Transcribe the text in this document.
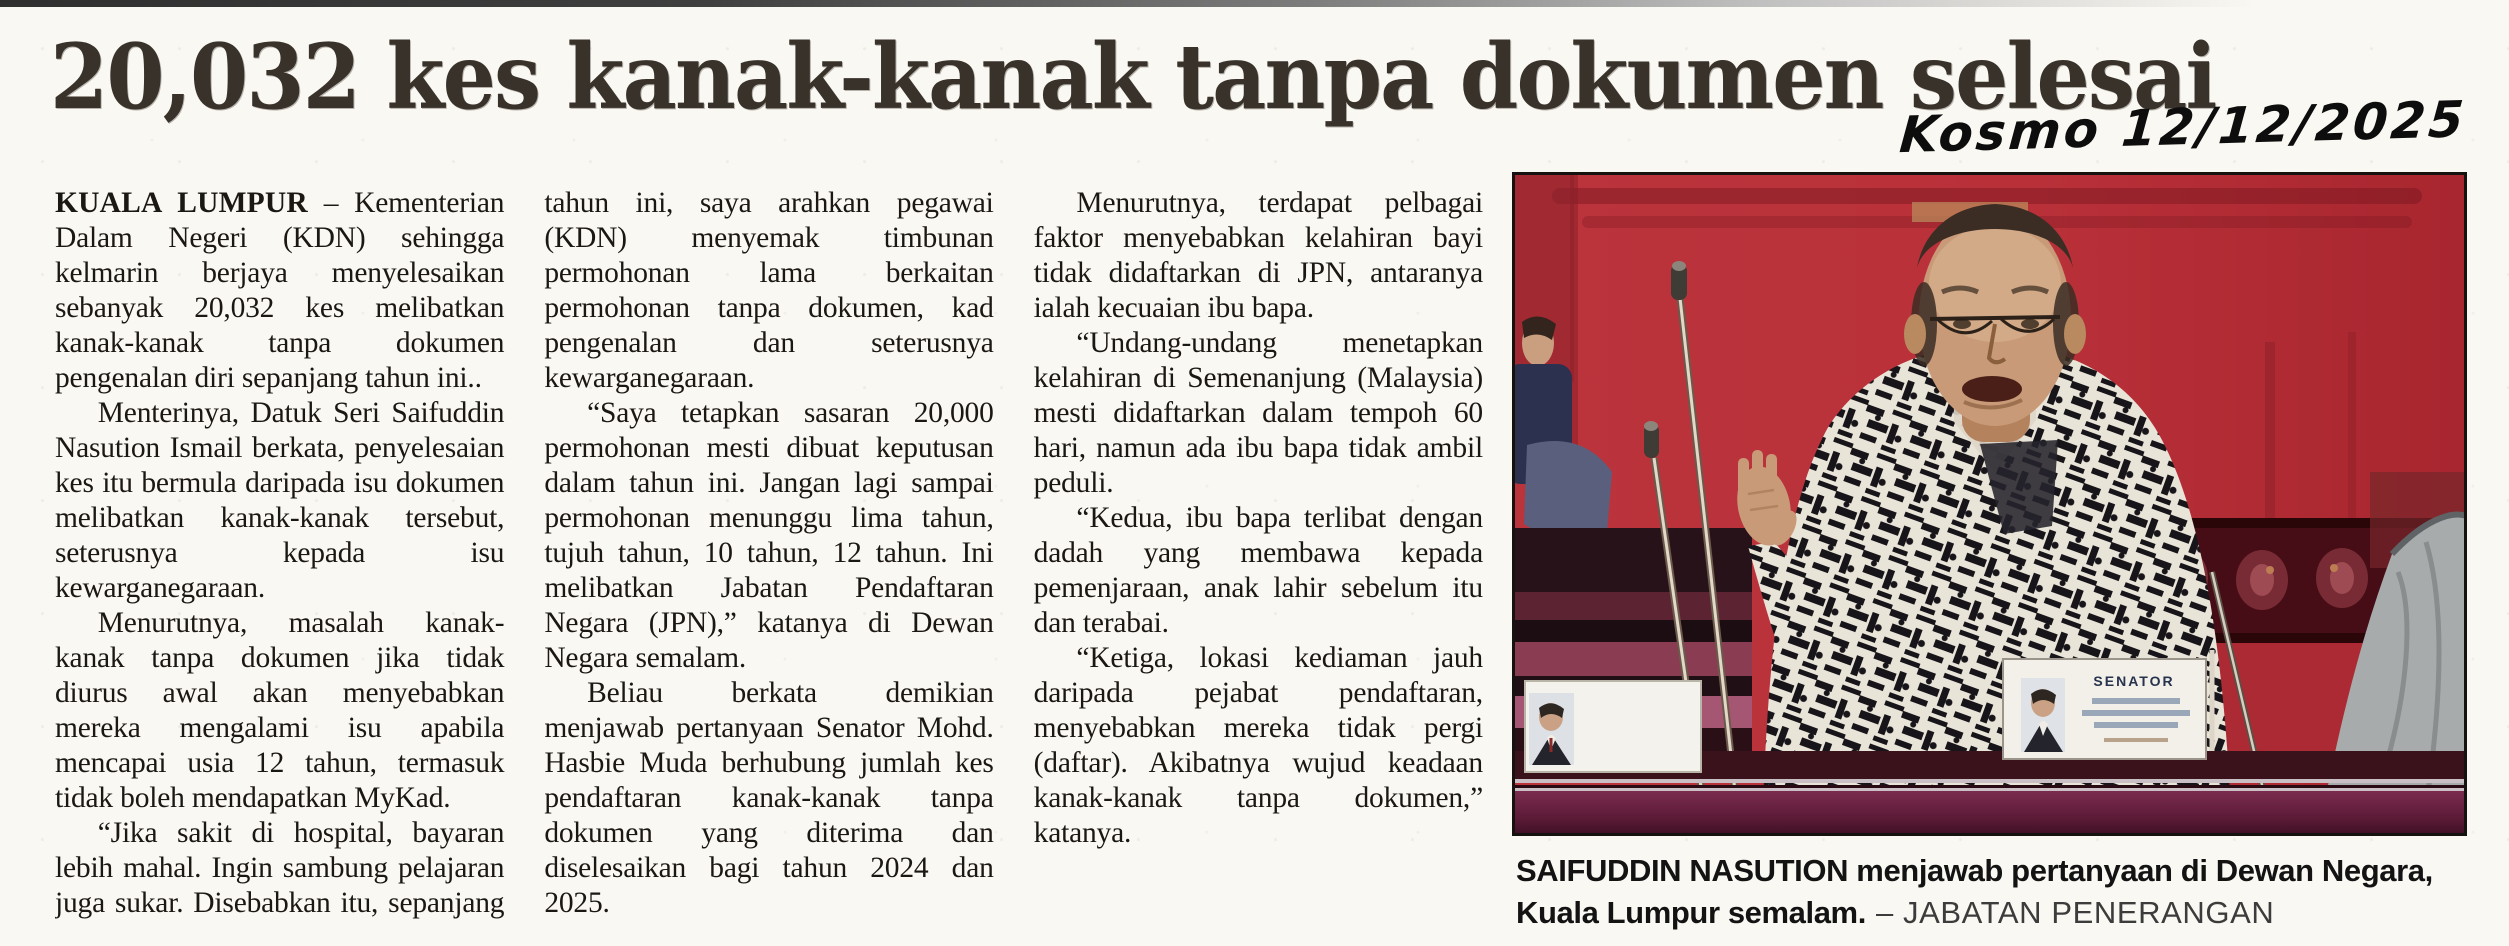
20,032 kes kanak-kanak tanpa dokumen selesai
Kosmo 12/12/2025

KUALA LUMPUR – Kementerian Dalam Negeri (KDN) sehingga kelmarin berjaya menyelesaikan sebanyak 20,032 kes melibatkan kanak-kanak tanpa dokumen pengenalan diri sepanjang tahun ini..

Menterinya, Datuk Seri Saifuddin Nasution Ismail berkata, penyelesaian kes itu bermula daripada isu dokumen melibatkan kanak-kanak tersebut, seterusnya kepada isu kewarganegaraan.

Menurutnya, masalah kanak-kanak tanpa dokumen jika tidak diurus awal akan menyebabkan mereka mengalami isu apabila mencapai usia 12 tahun, termasuk tidak boleh mendapatkan MyKad.

“Jika sakit di hospital, bayaran lebih mahal. Ingin sambung pelajaran juga sukar. Disebabkan itu, sepanjang tahun ini, saya arahkan pegawai (KDN) menyemak timbunan permohonan lama berkaitan permohonan tanpa dokumen, kad pengenalan dan seterusnya kewarganegaraan.

“Saya tetapkan sasaran 20,000 permohonan mesti dibuat keputusan dalam tahun ini. Jangan lagi sampai permohonan menunggu lima tahun, tujuh tahun, 10 tahun, 12 tahun. Ini melibatkan Jabatan Pendaftaran Negara (JPN),” katanya di Dewan Negara semalam.

Beliau berkata demikian menjawab pertanyaan Senator Mohd. Hasbie Muda berhubung jumlah kes pendaftaran kanak-kanak tanpa dokumen yang diterima dan diselesaikan bagi tahun 2024 dan 2025.

Menurutnya, terdapat pelbagai faktor menyebabkan kelahiran bayi tidak didaftarkan di JPN, antaranya ialah kecuaian ibu bapa.

“Undang-undang menetapkan kelahiran di Semenanjung (Malaysia) mesti didaftarkan dalam tempoh 60 hari, namun ada ibu bapa tidak ambil peduli.

“Kedua, ibu bapa terlibat dengan dadah yang membawa kepada pemenjaraan, anak lahir sebelum itu dan terabai.

“Ketiga, lokasi kediaman jauh daripada pejabat pendaftaran, menyebabkan mereka tidak pergi (daftar). Akibatnya wujud keadaan kanak-kanak tanpa dokumen,” katanya.

SENATOR
SAIFUDDIN NASUTION menjawab pertanyaan di Dewan Negara, Kuala Lumpur semalam. – JABATAN PENERANGAN
